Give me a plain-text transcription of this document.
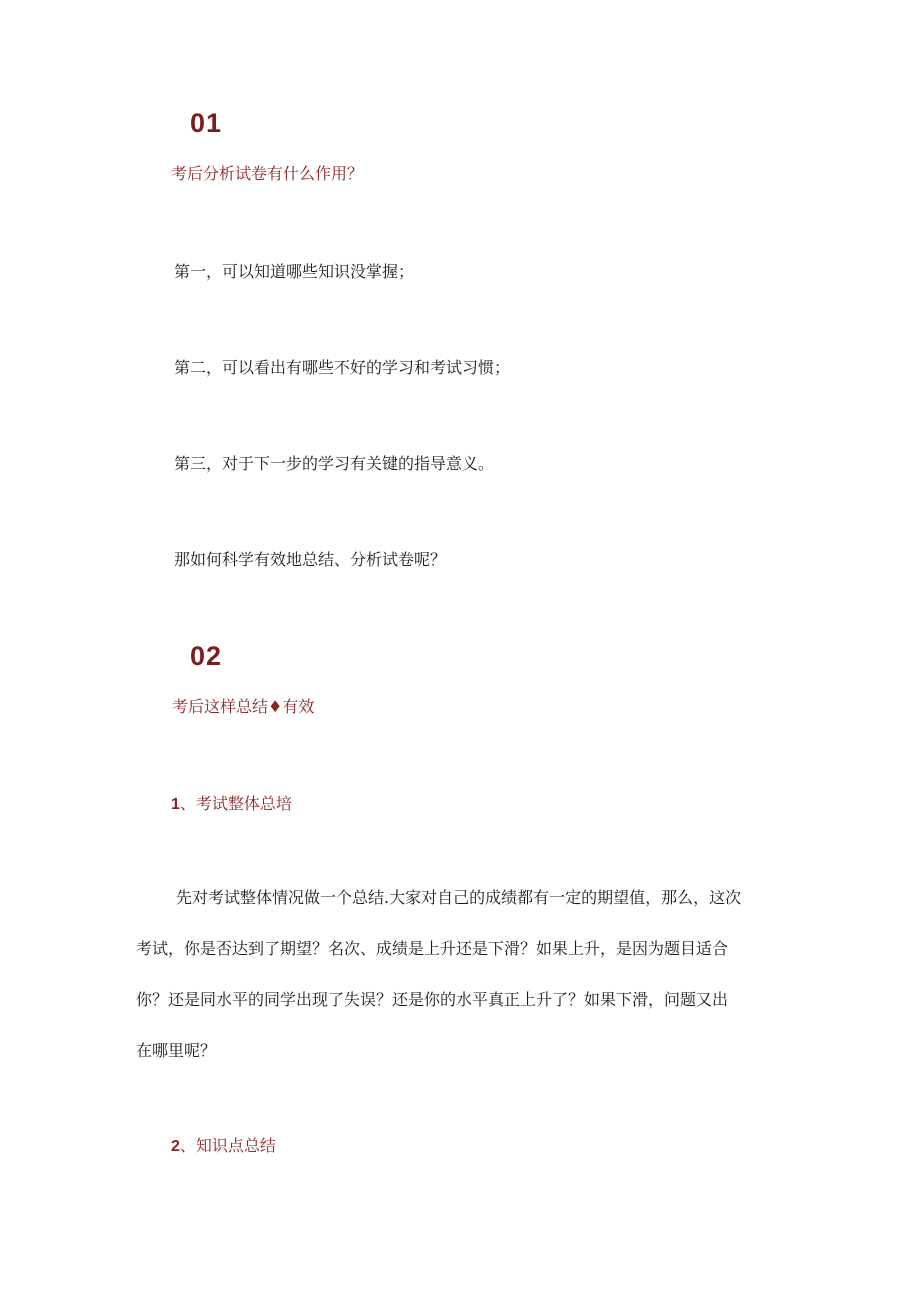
01
考后分析试卷有什么作用？
第一，可以知道哪些知识没掌握；
第二，可以看出有哪些不好的学习和考试习惯；
第三，对于下一步的学习有关键的指导意义。
那如何科学有效地总结、分析试卷呢？
02
考后这样总结♦有效
1、考试整体总培
先对考试整体情况做一个总结.大家对自己的成绩都有一定的期望值，那么，这次
考试，你是否达到了期望？名次、成绩是上升还是下滑？如果上升，是因为题目适合
你？还是同水平的同学出现了失误？还是你的水平真正上升了？如果下滑，问题又出
在哪里呢？
2、知识点总结
